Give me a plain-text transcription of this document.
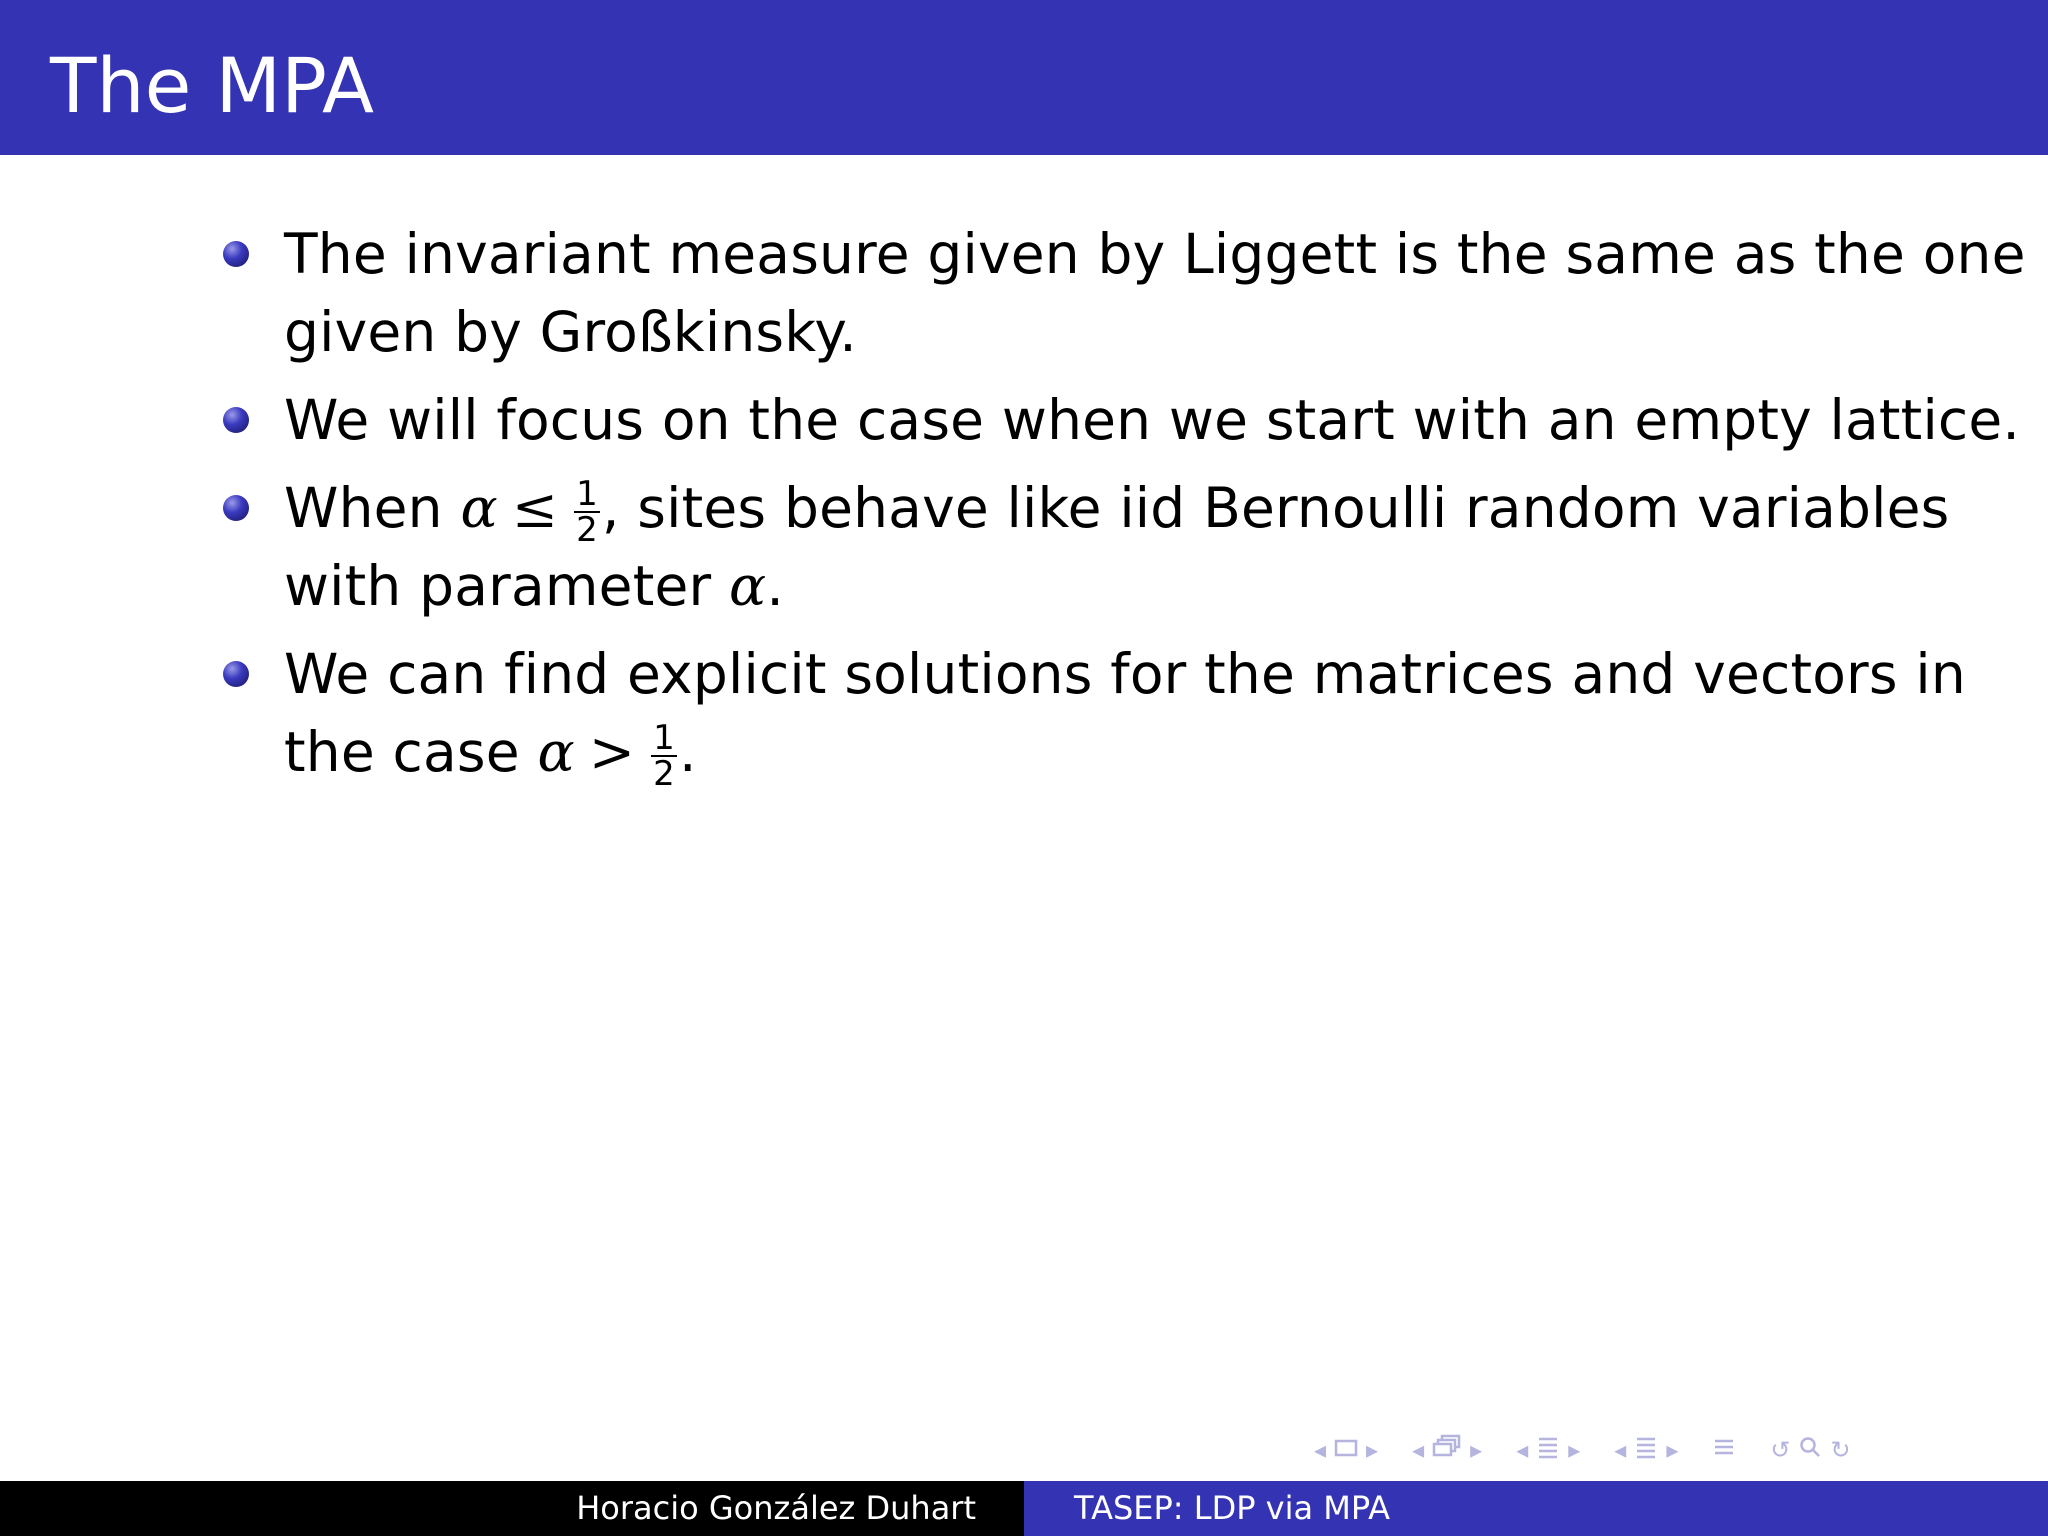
The MPA
The invariant measure given by Liggett is the same as the one
given by Großkinsky.
We will focus on the case when we start with an empty lattice.
When $\alpha \le \frac{1}{2}$ , sites behave like iid Bernoulli random variables
with parameter α.
We can find explicit solutions for the matrices and vectors in
the case $\alpha > \frac{1}{2}$ .
◂ ▸ ◂ ▸ ◂ ▸ ◂ ▸	↺ ↻
Horacio González Duhart	TASEP: LDP via MPA
